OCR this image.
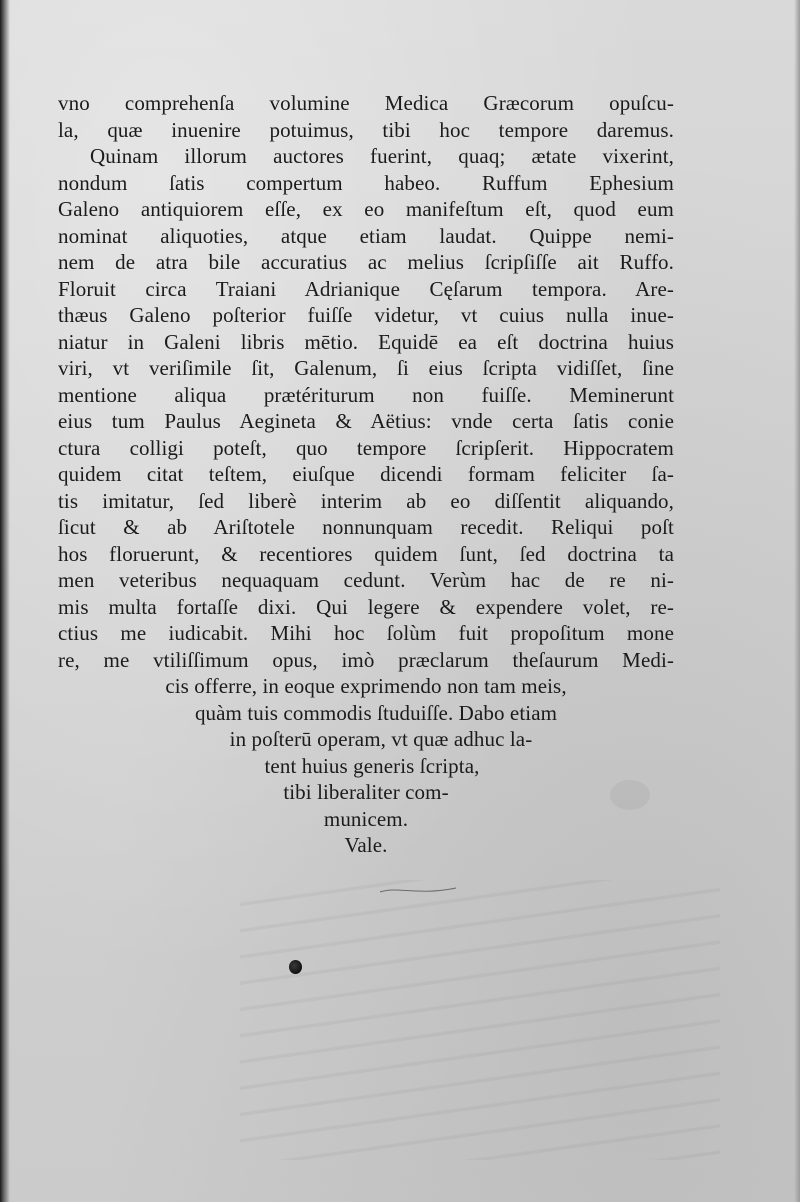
vno comprehenſa volumine Medica Græcorum opuſcu-
la, quæ inuenire potuimus, tibi hoc tempore daremus.
Quinam illorum auctores fuerint, quaq; ætate vixerint,
nondum ſatis compertum habeo. Ruffum Ephesium
Galeno antiquiorem eſſe, ex eo manifeſtum eſt, quod eum
nominat aliquoties, atque etiam laudat. Quippe nemi-
nem de atra bile accuratius ac melius ſcripſiſſe ait Ruffo.
Floruit circa Traiani Adrianique Cęſarum tempora. Are-
thæus Galeno poſterior fuiſſe videtur, vt cuius nulla inue-
niatur in Galeni libris mētio. Equidē ea eſt doctrina huius
viri, vt veriſimile ſit, Galenum, ſi eius ſcripta vidiſſet, ſine
mentione aliqua prætériturum non fuiſſe. Meminerunt
eius tum Paulus Aegineta & Aëtius: vnde certa ſatis conie
ctura colligi poteſt, quo tempore ſcripſerit. Hippocratem
quidem citat teſtem, eiuſque dicendi formam feliciter ſa-
tis imitatur, ſed liberè interim ab eo diſſentit aliquando,
ſicut & ab Ariſtotele nonnunquam recedit. Reliqui poſt
hos floruerunt, & recentiores quidem ſunt, ſed doctrina ta
men veteribus nequaquam cedunt. Verùm hac de re ni-
mis multa fortaſſe dixi. Qui legere & expendere volet, re-
ctius me iudicabit. Mihi hoc ſolùm fuit propoſitum mone
re, me vtiliſſimum opus, imò præclarum theſaurum Medi-
cis offerre, in eoque exprimendo non tam meis,
quàm tuis commodis ſtuduiſſe. Dabo etiam
in poſterū operam, vt quæ adhuc la-
tent huius generis ſcripta,
tibi liberaliter com-
municem.
Vale.
